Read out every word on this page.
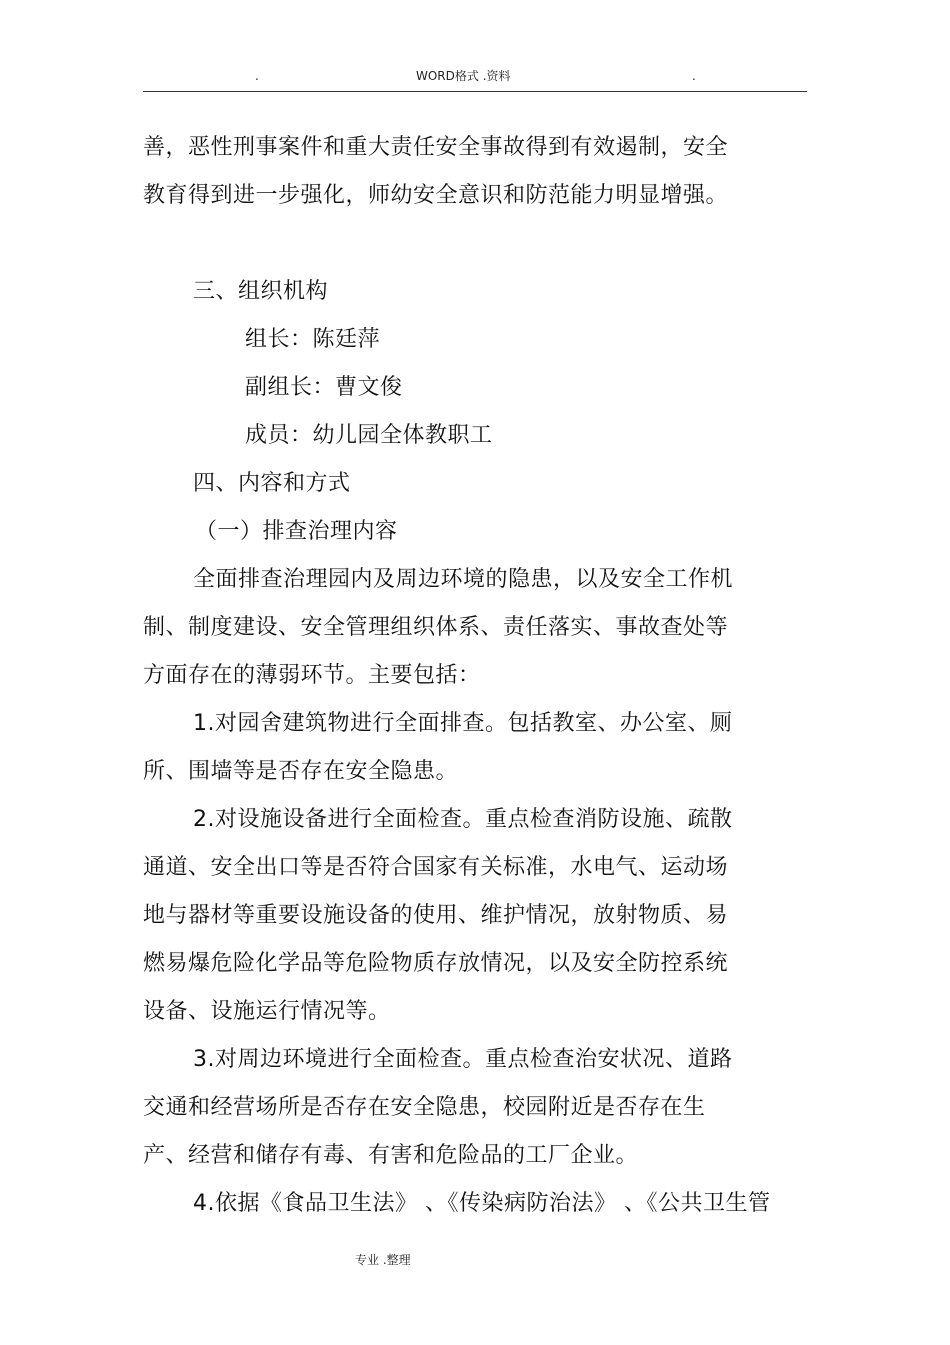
.	WORD格式 .资料	.
善，恶性刑事案件和重大责任安全事故得到有效遏制，安全
教育得到进一步强化，师幼安全意识和防范能力明显增强。
三、组织机构
组长：陈廷萍
副组长：曹文俊
成员：幼儿园全体教职工
四、内容和方式
（一）排查治理内容
全面排查治理园内及周边环境的隐患，以及安全工作机
制、制度建设、安全管理组织体系、责任落实、事故查处等
方面存在的薄弱环节。主要包括：
1.对园舍建筑物进行全面排查。包括教室、办公室、厕
所、围墙等是否存在安全隐患。
2.对设施设备进行全面检查。重点检查消防设施、疏散
通道、安全出口等是否符合国家有关标准，水电气、运动场
地与器材等重要设施设备的使用、维护情况，放射物质、易
燃易爆危险化学品等危险物质存放情况，以及安全防控系统
设备、设施运行情况等。
3.对周边环境进行全面检查。重点检查治安状况、道路
交通和经营场所是否存在安全隐患，校园附近是否存在生
产、经营和储存有毒、有害和危险品的工厂企业。
4.依据《食品卫生法》 、《传染病防治法》 、《公共卫生管
专业 .整理
